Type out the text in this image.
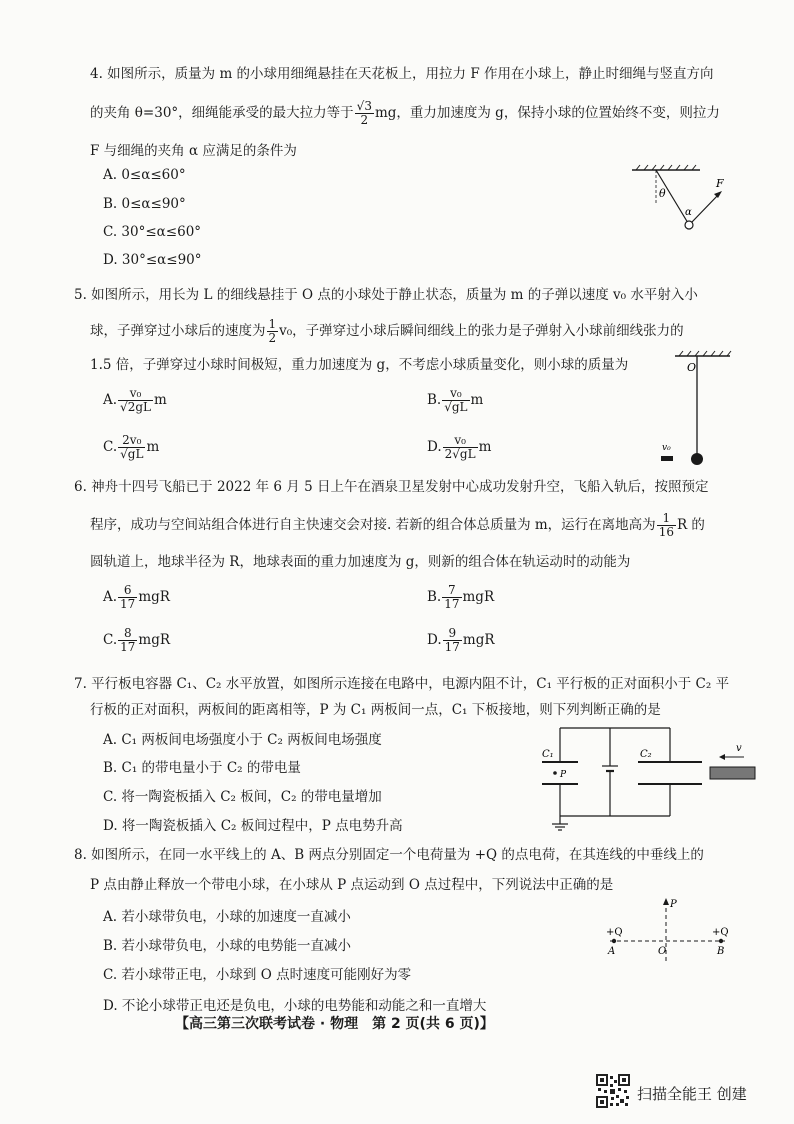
4. 如图所示，质量为 m 的小球用细绳悬挂在天花板上，用拉力 F 作用在小球上，静止时细绳与竖直方向
的夹角 θ=30°，细绳能承受的最大拉力等于 $\frac{√3}{2}$ mg，重力加速度为 g，保持小球的位置始终不变，则拉力
F 与细绳的夹角 α 应满足的条件为
A. 0≤α≤60°
B. 0≤α≤90°
C. 30°≤α≤60°
D. 30°≤α≤90°
θ
α
F
5. 如图所示，用长为 L 的细线悬挂于 O 点的小球处于静止状态，质量为 m 的子弹以速度 v₀ 水平射入小
球，子弹穿过小球后的速度为 $\frac{1}{2} v_0$，子弹穿过小球后瞬间细线上的张力是子弹射入小球前细线张力的
1.5 倍，子弹穿过小球时间极短，重力加速度为 g，不考虑小球质量变化，则小球的质量为
A. $\frac{\text{v₀}}{√2gL}$ m	B. $\frac{\text{v₀}}{√gL}$ m
C. $\frac{\text{2v₀}}{√gL}$ m	D. $\frac{\text{v₀}}{2√gL}$ m
O
v₀
6. 神舟十四号飞船已于 2022 年 6 月 5 日上午在酒泉卫星发射中心成功发射升空，飞船入轨后，按照预定
程序，成功与空间站组合体进行自主快速交会对接. 若新的组合体总质量为 m，运行在离地高为 $\frac{1}{16}$ R 的
圆轨道上，地球半径为 R，地球表面的重力加速度为 g，则新的组合体在轨运动时的动能为
A. $\frac{6}{17}$ mgR	B. $\frac{7}{17}$ mgR
C. $\frac{8}{17}$ mgR	D. $\frac{9}{17}$ mgR
7. 平行板电容器 C₁、C₂ 水平放置，如图所示连接在电路中，电源内阻不计，C₁ 平行板的正对面积小于 C₂ 平
行板的正对面积，两板间的距离相等，P 为 C₁ 两板间一点，C₁ 下板接地，则下列判断正确的是
A. C₁ 两板间电场强度小于 C₂ 两板间电场强度
B. C₁ 的带电量小于 C₂ 的带电量
C. 将一陶瓷板插入 C₂ 板间，C₂ 的带电量增加
D. 将一陶瓷板插入 C₂ 板间过程中，P 点电势升高
C₁
P
C₂
v
8. 如图所示，在同一水平线上的 A、B 两点分别固定一个电荷量为 +Q 的点电荷，在其连线的中垂线上的
P 点由静止释放一个带电小球，在小球从 P 点运动到 O 点过程中，下列说法中正确的是
A. 若小球带负电，小球的加速度一直减小
B. 若小球带负电，小球的电势能一直减小
C. 若小球带正电，小球到 O 点时速度可能刚好为零
D. 不论小球带正电还是负电，小球的电势能和动能之和一直增大
P
+Q	+Q
A	O	B
【高三第三次联考试卷 · 物理　第 2 页(共 6 页)】
扫描全能王 创建
